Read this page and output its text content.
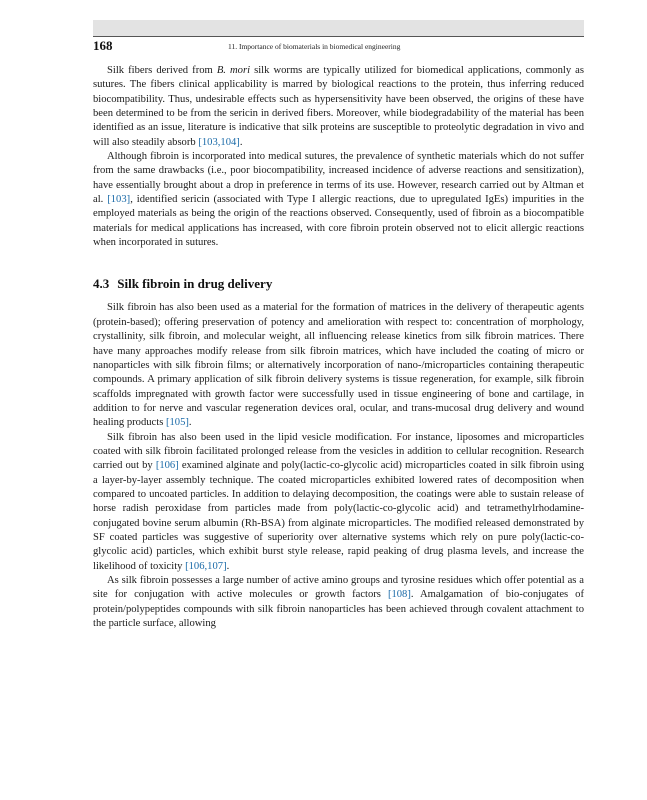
168	11. Importance of biomaterials in biomedical engineering

Silk fibers derived from B. mori silk worms are typically utilized for biomedical applications, commonly as sutures. The fibers clinical applicability is marred by biological reactions to the protein, thus inferring reduced biocompatibility. Thus, undesirable effects such as hypersensitivity have been observed, the origins of these have been determined to be from the sericin in derived fibers. Moreover, while biodegradability of the material has been identified as an issue, literature is indicative that silk proteins are susceptible to proteolytic degradation in vivo and will also steadily absorb [103,104].

Although fibroin is incorporated into medical sutures, the prevalence of synthetic materials which do not suffer from the same drawbacks (i.e., poor biocompatibility, increased incidence of adverse reactions and sensitization), have essentially brought about a drop in preference in terms of its use. However, research carried out by Altman et al. [103], identified sericin (associated with Type I allergic reactions, due to upregulated IgEs) impurities in the employed materials as being the origin of the reactions observed. Consequently, used of fibroin as a biocompatible materials for medical applications has increased, with core fibroin protein observed not to elicit allergic reactions when incorporated in sutures.

4.3 Silk fibroin in drug delivery

Silk fibroin has also been used as a material for the formation of matrices in the delivery of therapeutic agents (protein-based); offering preservation of potency and amelioration with respect to: concentration of morphology, crystallinity, silk fibroin, and molecular weight, all influencing release kinetics from silk fibroin matrices. There have many approaches modify release from silk fibroin matrices, which have included the coating of micro or nanoparticles with silk fibroin films; or alternatively incorporation of nano-/microparticles containing therapeutic compounds. A primary application of silk fibroin delivery systems is tissue regeneration, for example, silk fibroin scaffolds impregnated with growth factor were successfully used in tissue engineering of bone and cartilage, in addition to for nerve and vascular regeneration devices oral, ocular, and trans-mucosal drug delivery and wound healing products [105].

Silk fibroin has also been used in the lipid vesicle modification. For instance, liposomes and microparticles coated with silk fibroin facilitated prolonged release from the vesicles in addition to cellular recognition. Research carried out by [106] examined alginate and poly(lactic-co-glycolic acid) microparticles coated in silk fibroin using a layer-by-layer assembly technique. The coated microparticles exhibited lowered rates of decomposition when compared to uncoated particles. In addition to delaying decomposition, the coatings were able to sustain release of horse radish peroxidase from particles made from poly(lactic-co-glycolic acid) and tetramethylrhodamine-conjugated bovine serum albumin (Rh-BSA) from alginate microparticles. The modified released demonstrated by SF coated particles was suggestive of superiority over alternative systems which rely on pure poly(lactic-co-glycolic acid) particles, which exhibit burst style release, rapid peaking of drug plasma levels, and increase the likelihood of toxicity [106,107].

As silk fibroin possesses a large number of active amino groups and tyrosine residues which offer potential as a site for conjugation with active molecules or growth factors [108]. Amalgamation of bio-conjugates of protein/polypeptides compounds with silk fibroin nanoparticles has been achieved through covalent attachment to the particle surface, allowing
